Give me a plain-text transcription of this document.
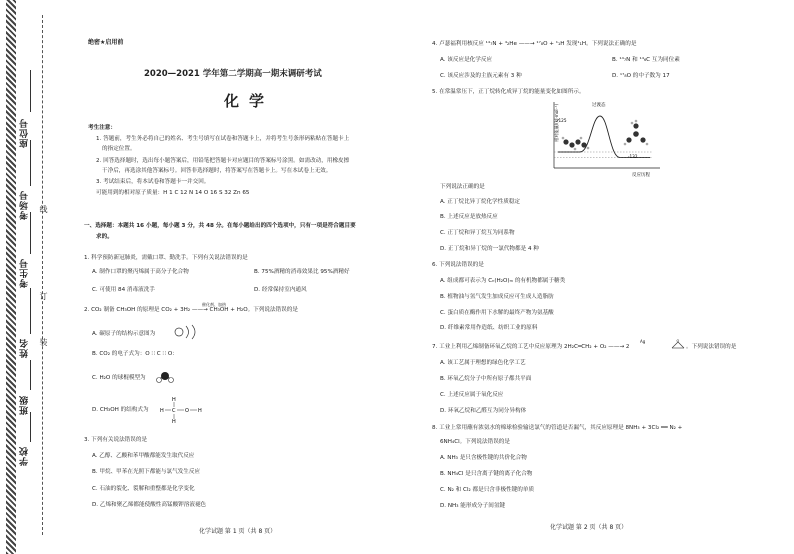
座位号
考场号
考生号
姓名
班级
学校
线
订
装
绝密★启用前
2020—2021 学年第二学期高一期末调研考试
化学
考生注意：
1. 答题前，考生务必将自己的姓名、考生号填写在试卷和答题卡上，并将考生号条形码粘贴在答题卡上
的指定位置。
2. 回答选择题时，选出每小题答案后，用铅笔把答题卡对应题目的答案标号涂黑。如需改动，用橡皮擦
干净后，再选涂其他答案标号。回答非选择题时，将答案写在答题卡上。写在本试卷上无效。
3. 考试结束后，将本试卷和答题卡一并交回。
可能用到的相对原子质量：H 1 C 12 N 14 O 16 S 32 Zn 65
一、选择题：本题共 16 小题，每小题 3 分，共 48 分。在每小题给出的四个选项中，只有一项是符合题目要
求的。
1. 科学预防新冠肺炎，需戴口罩、勤洗手。下列有关说法错误的是
A. 制作口罩的聚丙烯属于高分子化合物	B. 75%酒精的消毒效果比 95%酒精好
C. 可使用 84 消毒液洗手	D. 经常保持室内通风
催化剂、加热
2. CO₂ 制备 CH₃OH 的原理是 CO₂ + 3H₂ ——→ CH₃OH + H₂O。下列说法错误的是
A. 碳原子的结构示意图为
B. CO₂ 的电子式为：O ∷ C ∷ O：
C. H₂O 的球棍模型为
D. CH₃OH 的结构式为
H
H C O H
H
3. 下列有关说法错误的是
A. 乙醇、乙酸和苯甲酸都能发生取代反应
B. 甲烷、甲苯在光照下都能与氯气发生反应
C. 石油的裂化、裂解和重整都是化学变化
D. 乙烯和聚乙烯都能使酸性高锰酸钾溶液褪色
化学试题 第 1 页（共 8 页）
4. 卢瑟福利用核反应 ¹⁴₇N + ⁴₂He ——→ ¹⁷₈O + ¹₁H 发现¹₁H。下列说法正确的是
A. 该反应是化学反应	B. ¹⁴₇N 和 ¹⁴₆C 互为同位素
C. 该反应涉及的主族元素有 3 种	D. ¹⁷₈O 的中子数为 17
5. 在常温常压下，正丁烷转化成异丁烷的能量变化如图所示。
相对能量/(kJ·mol⁻¹)
反应历程
过渡态
-125
-132
下列说法正确的是
A. 正丁烷比异丁烷化学性质稳定
B. 上述反应是放热反应
C. 正丁烷和异丁烷互为同系物
D. 正丁烷和异丁烷的一氯代物都是 4 种
6. 下列说法错误的是
A. 组成都可表示为 Cₙ(H₂O)ₘ 的有机物都属于糖类
B. 植物油与氢气发生加成反应可生成人造脂肪
C. 蛋白质在酶作用下水解的最终产物为氨基酸
D. 纤维素常用作造纸、纺织工业的原料
Ag
7. 工业上利用乙烯制备环氧乙烷的工艺中反应原理为 2H₂C═CH₂ + O₂ ——→ 2
O
。下列说法错误的是
A. 该工艺属于理想的绿色化学工艺
B. 环氧乙烷分子中所有原子都共平面
C. 上述反应属于氧化反应
D. 环氧乙烷和乙醛互为同分异构体
8. 工业上常用蘸有浓氨水的棉球检验输送氯气的管道是否漏气，其反应原理是 8NH₃ + 3Cl₂ ══ N₂ +
6NH₄Cl。下列说法错误的是
A. NH₃ 是只含极性键的共价化合物
B. NH₄Cl 是只含离子键的离子化合物
C. N₂ 和 Cl₂ 都是只含非极性键的单质
D. NH₃ 能形成分子间氢键
化学试题 第 2 页（共 8 页）
